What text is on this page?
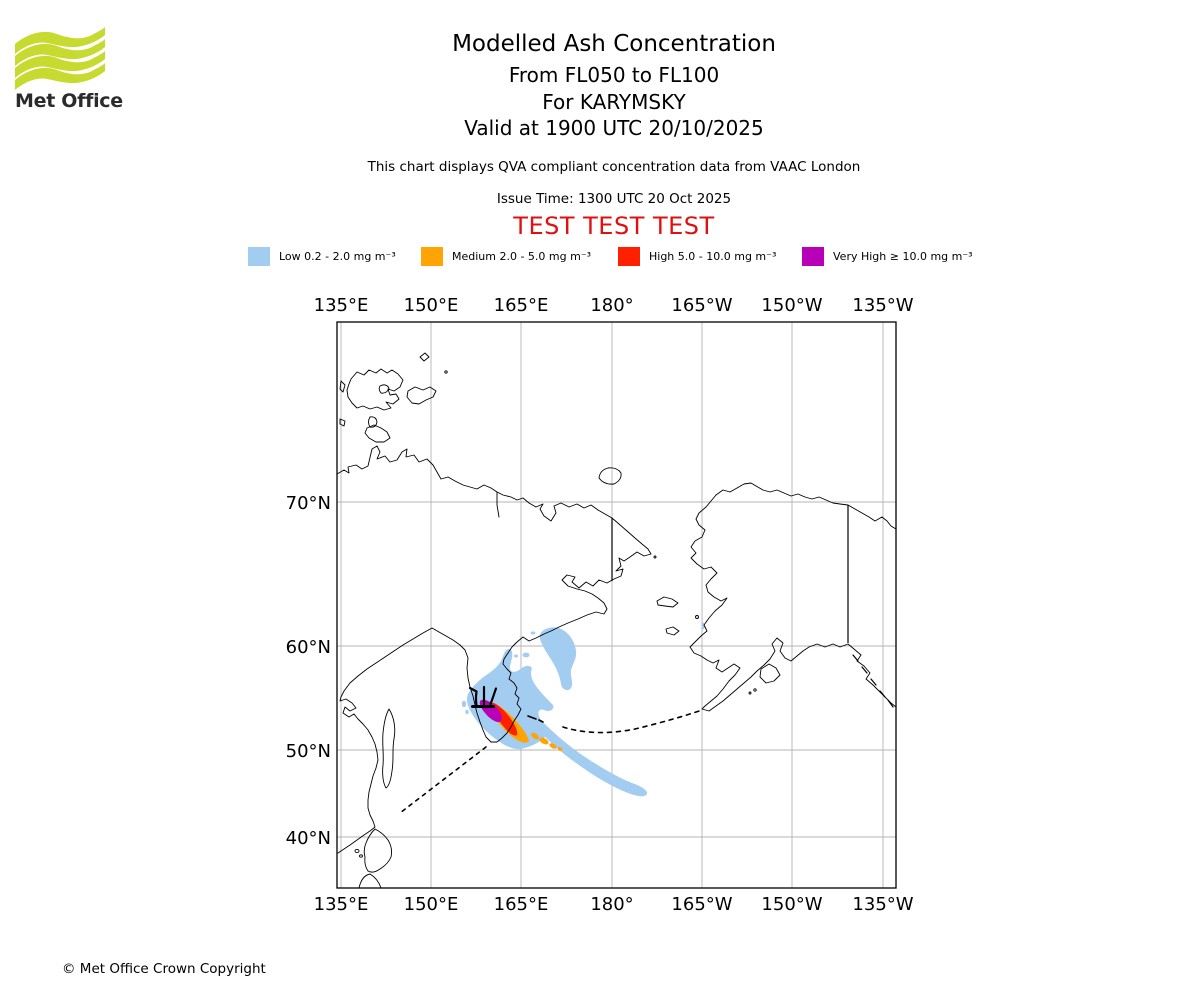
Met Office
Modelled Ash Concentration
From FL050 to FL100
For KARYMSKY
Valid at 1900 UTC 20/10/2025
This chart displays QVA compliant concentration data from VAAC London
Issue Time: 1300 UTC 20 Oct 2025
TEST TEST TEST
Low 0.2 - 2.0 mg m⁻³	Medium 2.0 - 5.0 mg m⁻³	High 5.0 - 10.0 mg m⁻³	Very High ≥ 10.0 mg m⁻³
135°E 150°E 165°E 180° 165°W 150°W 135°W
135°E 150°E 165°E 180° 165°W 150°W 135°W
70°N
60°N
50°N
40°N
© Met Office Crown Copyright
